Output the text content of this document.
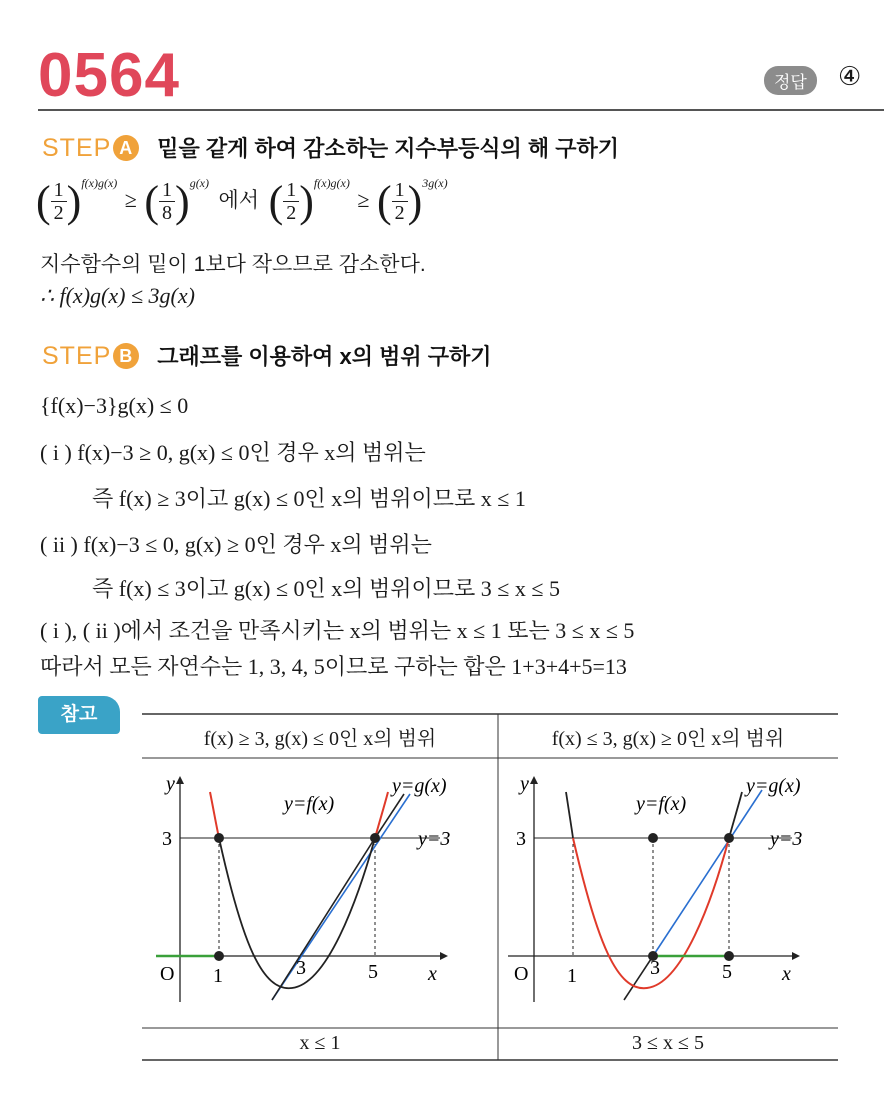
0564	정답	④
STEP A 밑을 같게 하여 감소하는 지수부등식의 해 구하기
( $\frac{1}{2} )^{f(x)g(x)}$ ≥ ( $\frac{1}{8} )^{g(x)}$ 에서 ( $\frac{1}{2} )^{f(x)g(x)}$ ≥ ( $\frac{1}{2} )^{3g(x)}$
지수함수의 밑이 1보다 작으므로 감소한다.
∴ f(x)g(x) ≤ 3g(x)
STEP B 그래프를 이용하여 x의 범위 구하기
{f(x)−3}g(x) ≤ 0
( i ) f(x)−3 ≥ 0, g(x) ≤ 0인 경우 x의 범위는
즉 f(x) ≥ 3이고 g(x) ≤ 0인 x의 범위이므로 x ≤ 1
( ii ) f(x)−3 ≤ 0, g(x) ≥ 0인 경우 x의 범위는
즉 f(x) ≤ 3이고 g(x) ≤ 0인 x의 범위이므로 3 ≤ x ≤ 5
( i ), ( ii )에서 조건을 만족시키는 x의 범위는 x ≤ 1 또는 3 ≤ x ≤ 5
따라서 모든 자연수는 1, 3, 4, 5이므로 구하는 합은 1+3+4+5=13
참고
y
x
O
3
1	3	5
y=f(x)
y=g(x)
y=3
y
x
O
3
1	3	5
y=f(x)
y=g(x)
y=3
f(x) ≥ 3, g(x) ≤ 0인 x의 범위	f(x) ≤ 3, g(x) ≥ 0인 x의 범위
x ≤ 1	3 ≤ x ≤ 5
